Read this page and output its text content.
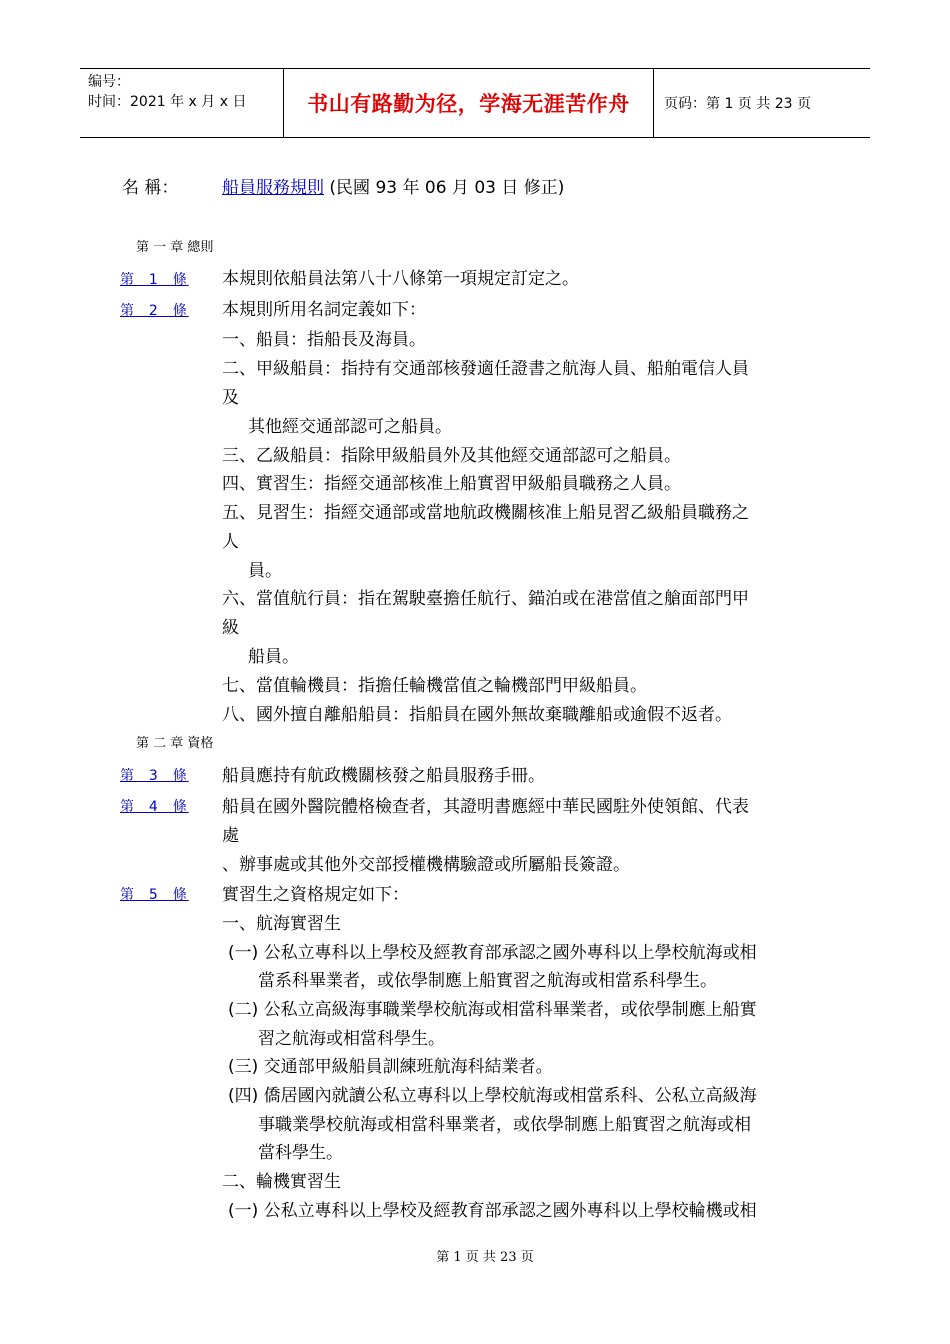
编号：
时间：2021 年 x 月 x 日	书山有路勤为径，学海无涯苦作舟 页码：第 1 页 共 23 页
名 稱：	船員服務規則 (民國 93 年 06 月 03 日 修正)
第 一 章 總則
第 二 章 資格
第  1  條
第  2  條
第  3  條
第  4  條
第  5  條
本規則依船員法第八十八條第一項規定訂定之。
本規則所用名詞定義如下：
一、船員：指船長及海員。
二、甲級船員：指持有交通部核發適任證書之航海人員、船舶電信人員
及
其他經交通部認可之船員。
三、乙級船員：指除甲級船員外及其他經交通部認可之船員。
四、實習生：指經交通部核准上船實習甲級船員職務之人員。
五、見習生：指經交通部或當地航政機關核准上船見習乙級船員職務之
人
員。
六、當值航行員：指在駕駛臺擔任航行、錨泊或在港當值之艙面部門甲
級
船員。
七、當值輪機員：指擔任輪機當值之輪機部門甲級船員。
八、國外擅自離船船員：指船員在國外無故棄職離船或逾假不返者。
船員應持有航政機關核發之船員服務手冊。
船員在國外醫院體格檢查者，其證明書應經中華民國駐外使領館、代表
處
、辦事處或其他外交部授權機構驗證或所屬船長簽證。
實習生之資格規定如下：
一、航海實習生
(一) 公私立專科以上學校及經教育部承認之國外專科以上學校航海或相
當系科畢業者，或依學制應上船實習之航海或相當系科學生。
(二) 公私立高級海事職業學校航海或相當科畢業者，或依學制應上船實
習之航海或相當科學生。
(三) 交通部甲級船員訓練班航海科結業者。
(四) 僑居國內就讀公私立專科以上學校航海或相當系科、公私立高級海
事職業學校航海或相當科畢業者，或依學制應上船實習之航海或相
當科學生。
二、輪機實習生
(一) 公私立專科以上學校及經教育部承認之國外專科以上學校輪機或相
第 1 页 共 23 页
